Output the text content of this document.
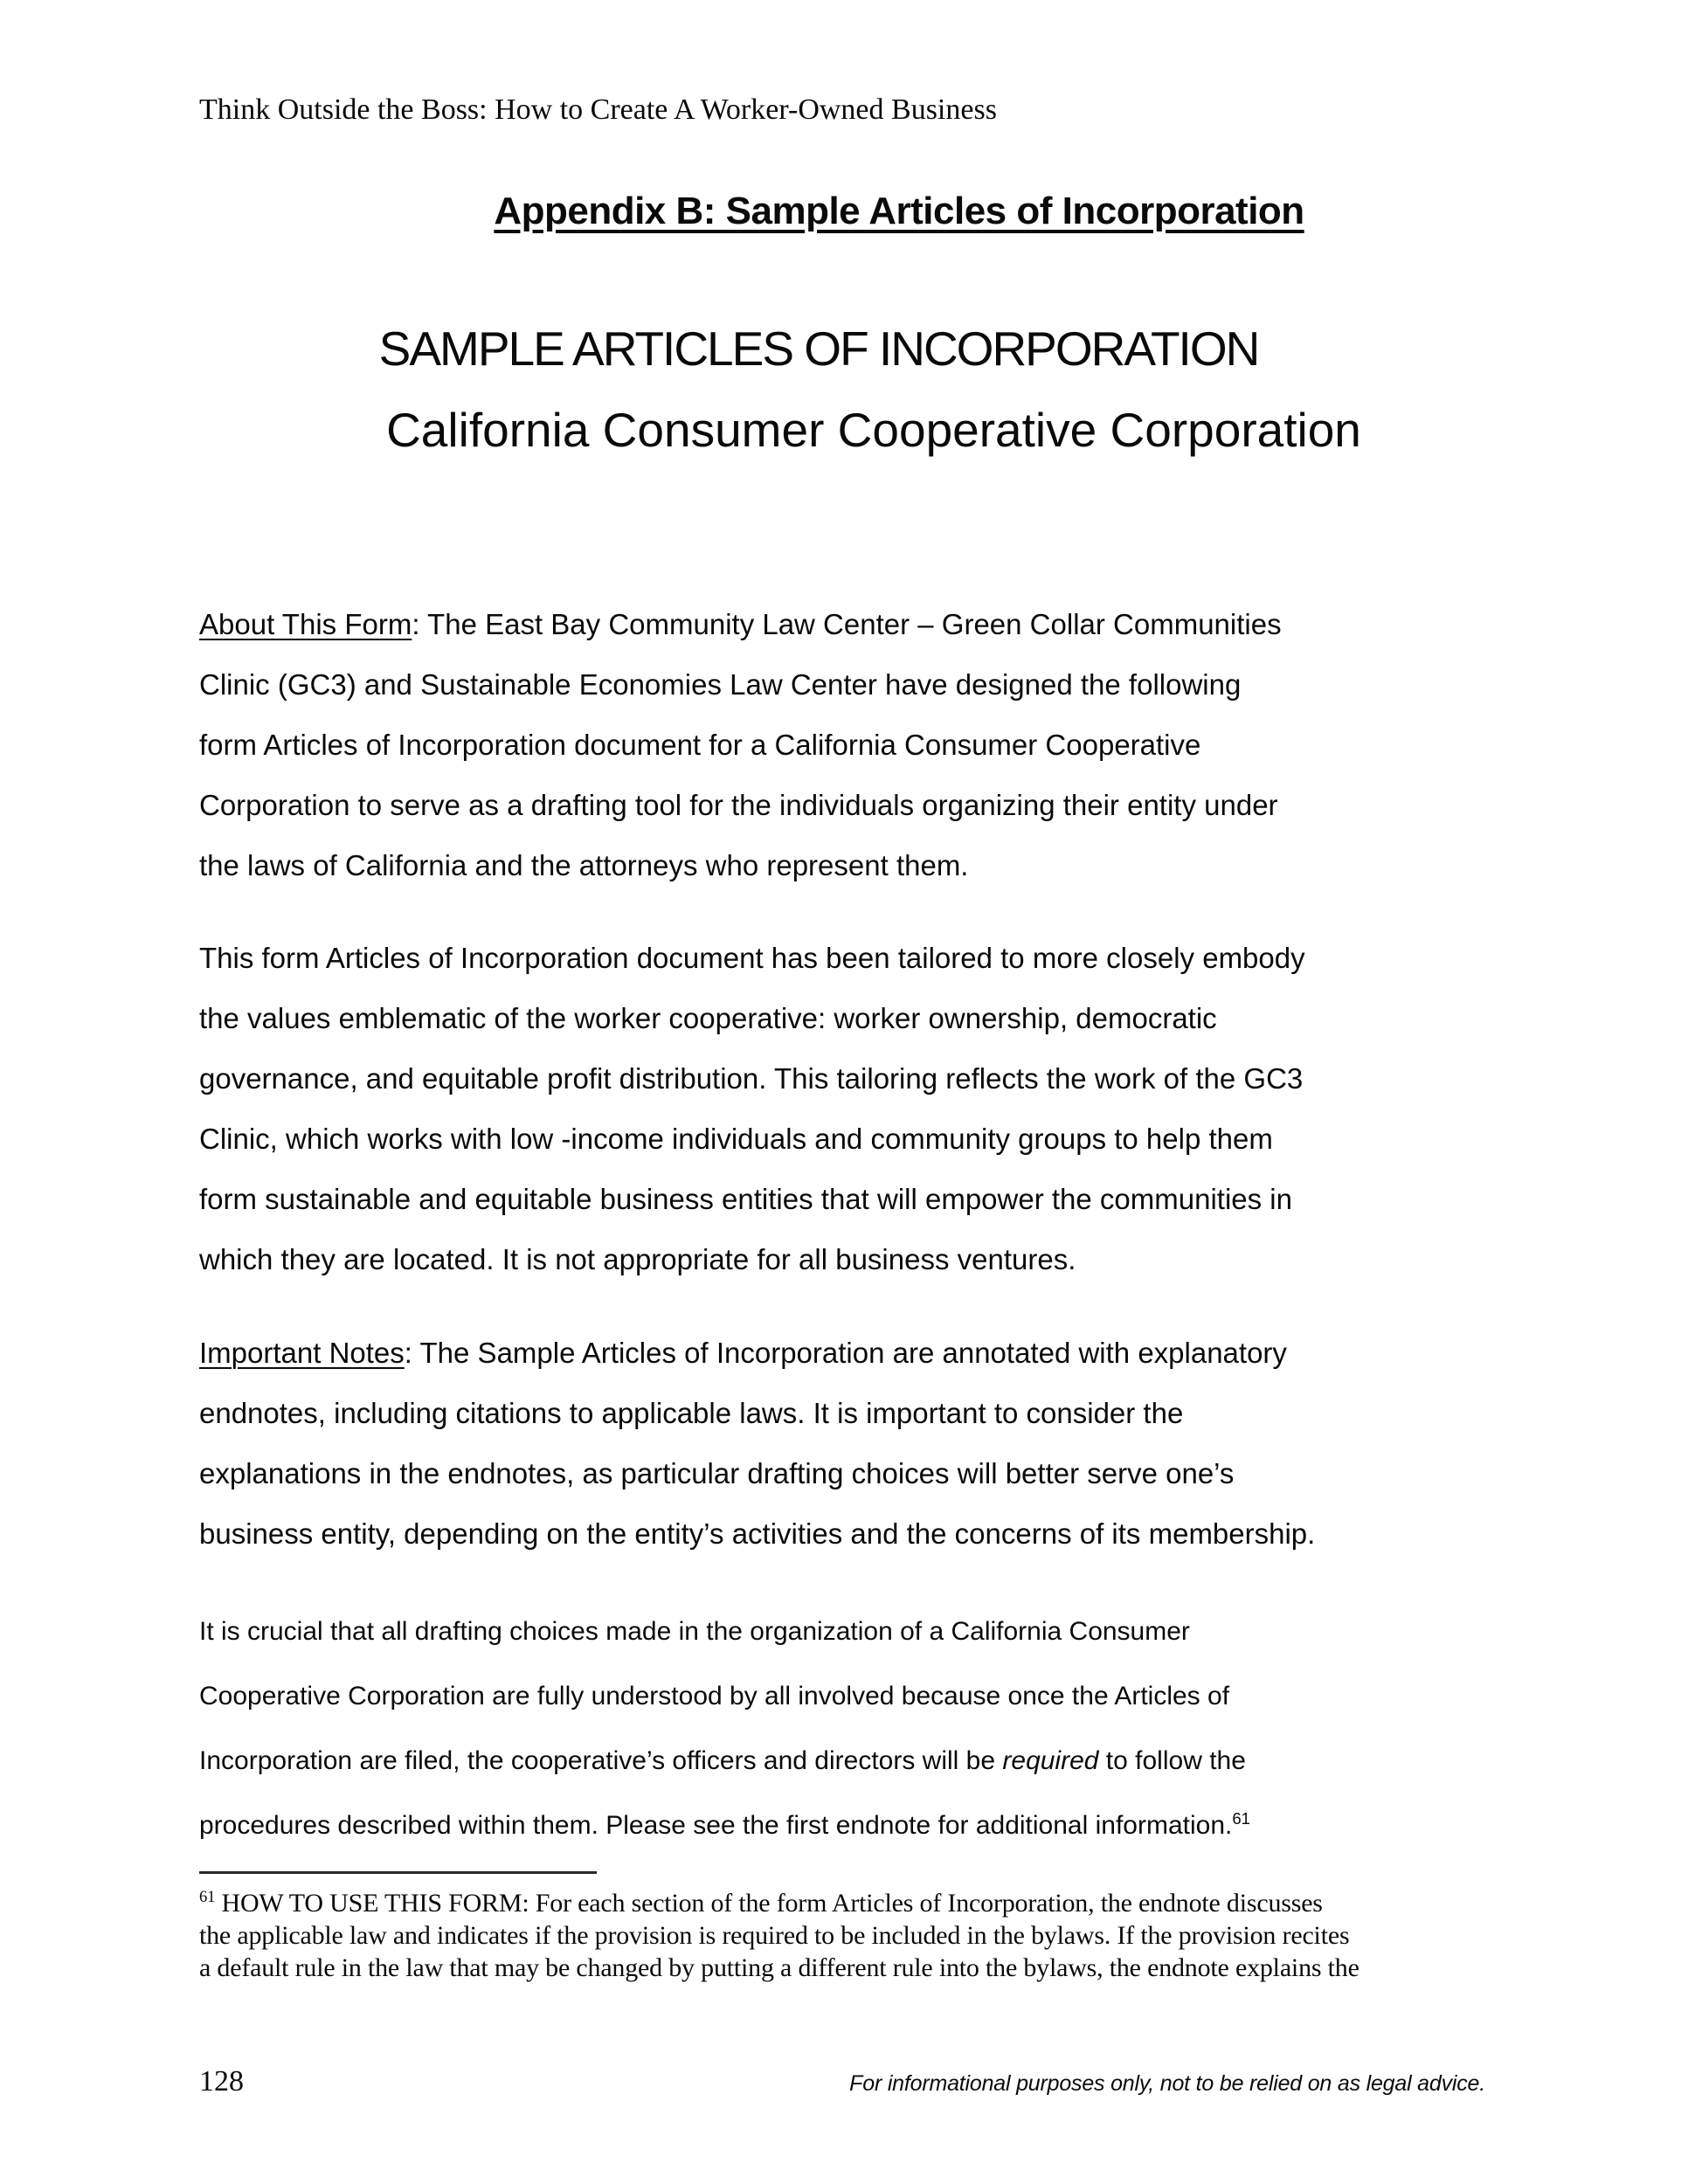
Think Outside the Boss: How to Create A Worker-Owned Business
Appendix B: Sample Articles of Incorporation
SAMPLE ARTICLES OF INCORPORATION
California Consumer Cooperative Corporation
About This Form: The East Bay Community Law Center – Green Collar Communities
Clinic (GC3) and Sustainable Economies Law Center have designed the following
form Articles of Incorporation document for a California Consumer Cooperative
Corporation to serve as a drafting tool for the individuals organizing their entity under
the laws of California and the attorneys who represent them.
This form Articles of Incorporation document has been tailored to more closely embody
the values emblematic of the worker cooperative: worker ownership, democratic
governance, and equitable profit distribution. This tailoring reflects the work of the GC3
Clinic, which works with low -income individuals and community groups to help them
form sustainable and equitable business entities that will empower the communities in
which they are located. It is not appropriate for all business ventures.
Important Notes: The Sample Articles of Incorporation are annotated with explanatory
endnotes, including citations to applicable laws. It is important to consider the
explanations in the endnotes, as particular drafting choices will better serve one’s
business entity, depending on the entity’s activities and the concerns of its membership.
It is crucial that all drafting choices made in the organization of a California Consumer
Cooperative Corporation are fully understood by all involved because once the Articles of
Incorporation are filed, the cooperative’s officers and directors will be required to follow the
procedures described within them. Please see the first endnote for additional information.$^{61}$
$^{61}$ HOW TO USE THIS FORM: For each section of the form Articles of Incorporation, the endnote discusses
the applicable law and indicates if the provision is required to be included in the bylaws. If the provision recites
a default rule in the law that may be changed by putting a different rule into the bylaws, the endnote explains the
128	For informational purposes only, not to be relied on as legal advice.
